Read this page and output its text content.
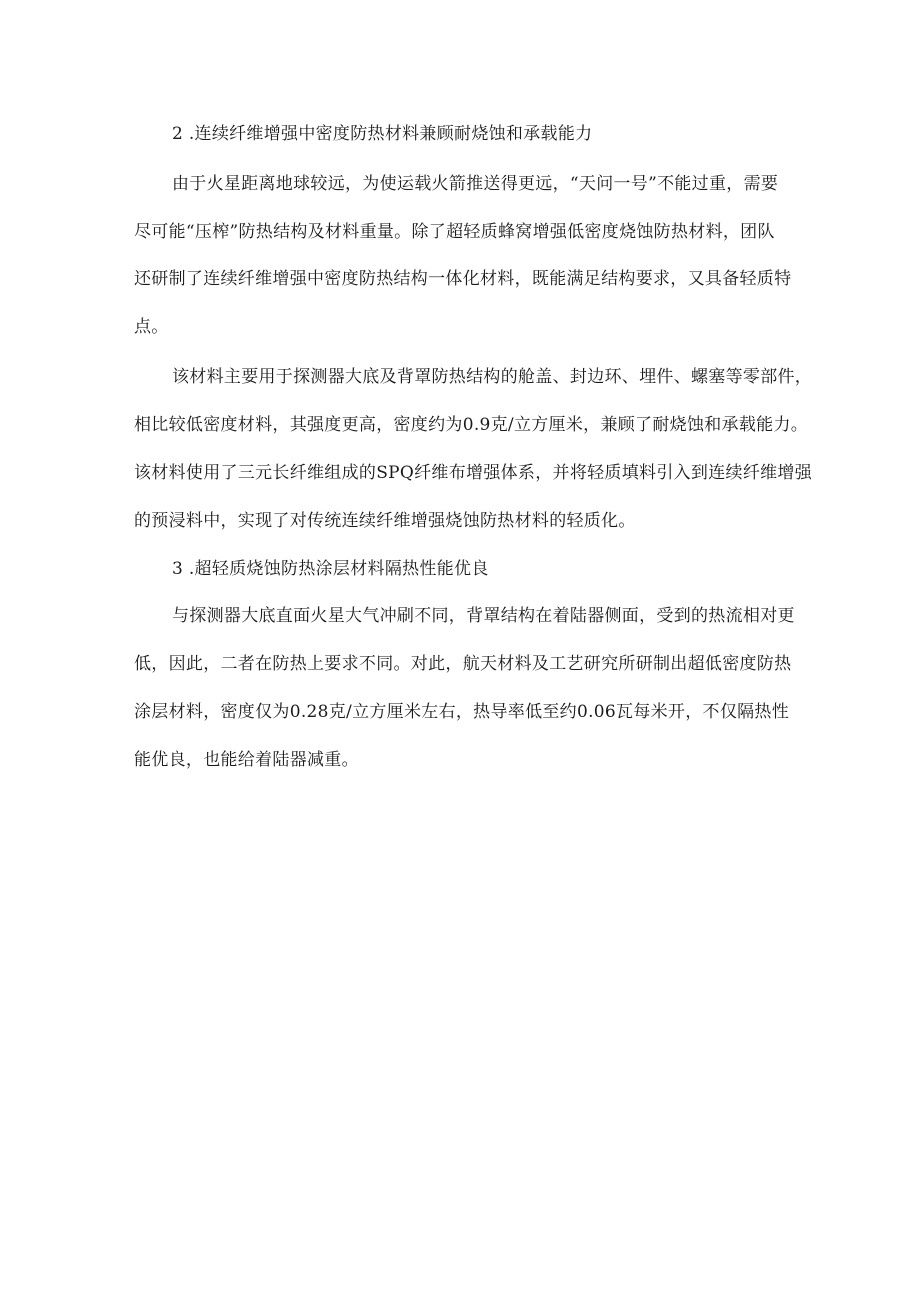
2 .连续纤维增强中密度防热材料兼顾耐烧蚀和承载能力
由于火星距离地球较远，为使运载火箭推送得更远，“天问一号”不能过重，需要
尽可能“压榨”防热结构及材料重量。除了超轻质蜂窝增强低密度烧蚀防热材料，团队
还研制了连续纤维增强中密度防热结构一体化材料，既能满足结构要求，又具备轻质特
点。
该材料主要用于探测器大底及背罩防热结构的舱盖、封边环、埋件、螺塞等零部件，
相比较低密度材料，其强度更高，密度约为0.9克/立方厘米，兼顾了耐烧蚀和承载能力。
该材料使用了三元长纤维组成的SPQ纤维布增强体系，并将轻质填料引入到连续纤维增强
的预浸料中，实现了对传统连续纤维增强烧蚀防热材料的轻质化。
3 .超轻质烧蚀防热涂层材料隔热性能优良
与探测器大底直面火星大气冲刷不同，背罩结构在着陆器侧面，受到的热流相对更
低，因此，二者在防热上要求不同。对此，航天材料及工艺研究所研制出超低密度防热
涂层材料，密度仅为0.28克/立方厘米左右，热导率低至约0.06瓦每米开，不仅隔热性
能优良，也能给着陆器减重。
